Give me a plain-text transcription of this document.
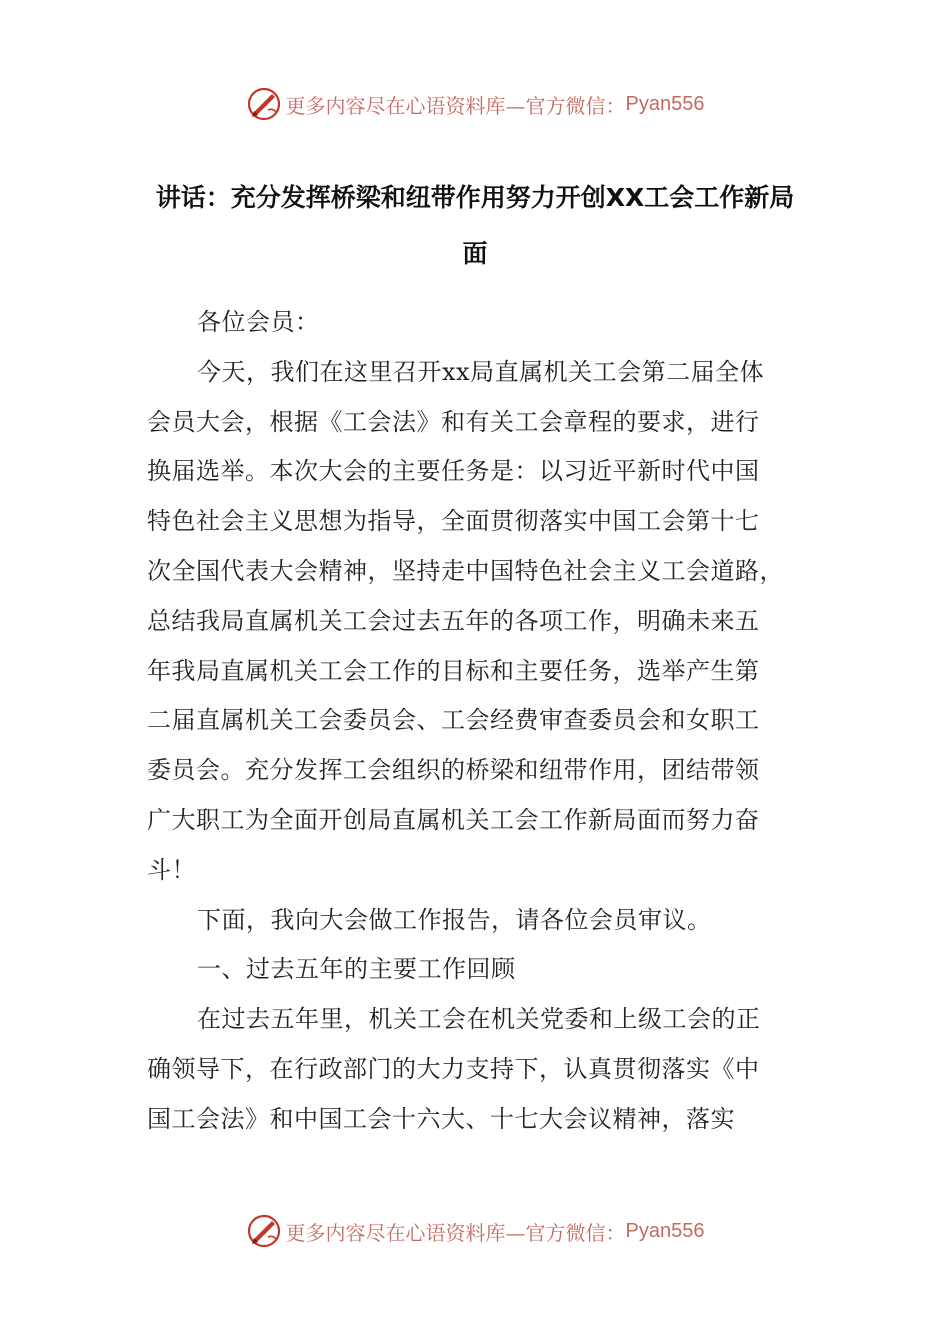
更多内容尽在心语资料库—官方微信： Pyan556
讲话：充分发挥桥梁和纽带作用努力开创XX工会工作新局
面
各位会员：
今天，我们在这里召开xx局直属机关工会第二届全体
会员大会，根据《工会法》和有关工会章程的要求，进行
换届选举。本次大会的主要任务是：以习近平新时代中国
特色社会主义思想为指导，全面贯彻落实中国工会第十七
次全国代表大会精神，坚持走中国特色社会主义工会道路，
总结我局直属机关工会过去五年的各项工作，明确未来五
年我局直属机关工会工作的目标和主要任务，选举产生第
二届直属机关工会委员会、工会经费审查委员会和女职工
委员会。充分发挥工会组织的桥梁和纽带作用，团结带领
广大职工为全面开创局直属机关工会工作新局面而努力奋
斗！
下面，我向大会做工作报告，请各位会员审议。
一、过去五年的主要工作回顾
在过去五年里，机关工会在机关党委和上级工会的正
确领导下，在行政部门的大力支持下，认真贯彻落实《中
国工会法》和中国工会十六大、十七大会议精神，落实
更多内容尽在心语资料库—官方微信： Pyan556
